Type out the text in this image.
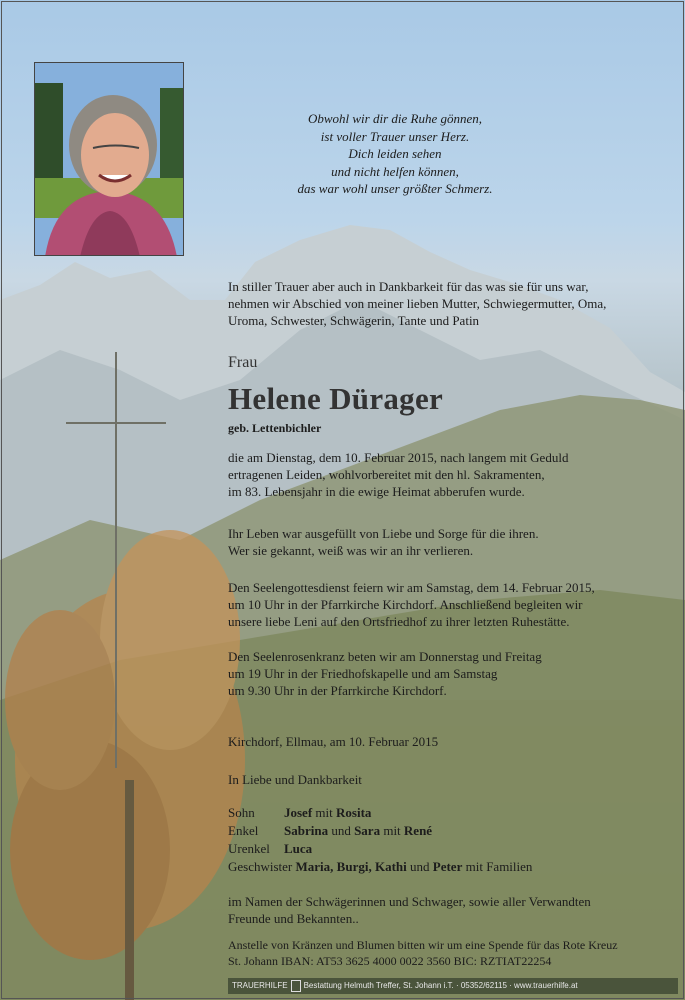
Obwohl wir dir die Ruhe gönnen,
ist voller Trauer unser Herz.
Dich leiden sehen
und nicht helfen können,
das war wohl unser größter Schmerz.
In stiller Trauer aber auch in Dankbarkeit für das was sie für uns war,
nehmen wir Abschied von meiner lieben Mutter, Schwiegermutter, Oma,
Uroma, Schwester, Schwägerin, Tante und Patin
Frau
Helene Dürager
geb. Lettenbichler
die am Dienstag, dem 10. Februar 2015, nach langem mit Geduld
ertragenen Leiden, wohlvorbereitet mit den hl. Sakramenten,
im 83. Lebensjahr in die ewige Heimat abberufen wurde.
Ihr Leben war ausgefüllt von Liebe und Sorge für die ihren.
Wer sie gekannt, weiß was wir an ihr verlieren.
Den Seelengottesdienst feiern wir am Samstag, dem 14. Februar 2015,
um 10 Uhr in der Pfarrkirche Kirchdorf. Anschließend begleiten wir
unsere liebe Leni auf den Ortsfriedhof zu ihrer letzten Ruhestätte.
Den Seelenrosenkranz beten wir am Donnerstag und Freitag
um 19 Uhr in der Friedhofskapelle und am Samstag
um 9.30 Uhr in der Pfarrkirche Kirchdorf.
Kirchdorf, Ellmau, am 10. Februar 2015
In Liebe und Dankbarkeit
Sohn Josef mit Rosita
Enkel Sabrina und Sara mit René
Urenkel Luca
Geschwister Maria, Burgi, Kathi und Peter mit Familien
im Namen der Schwägerinnen und Schwager, sowie aller Verwandten
Freunde und Bekannten..
Anstelle von Kränzen und Blumen bitten wir um eine Spende für das Rote Kreuz
St. Johann IBAN: AT53 3625 4000 0022 3560 BIC: RZTIAT22254
TRAUERHILFE Bestattung Helmuth Treffer, St. Johann i.T. · 05352/62115 · www.trauerhilfe.at
